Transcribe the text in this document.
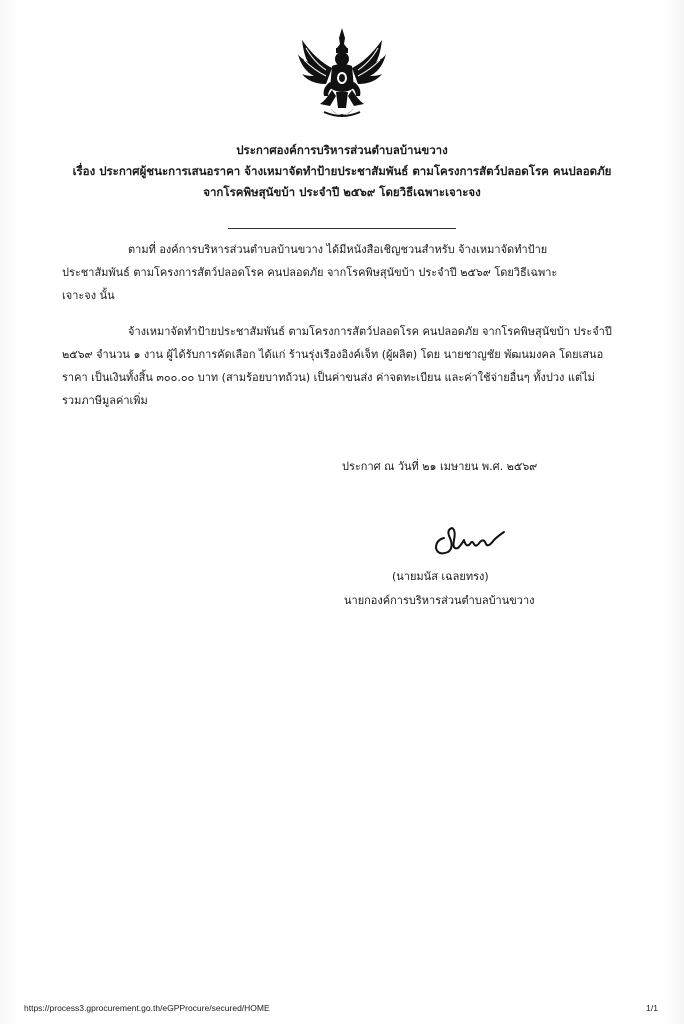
ประกาศองค์การบริหารส่วนตำบลบ้านขวาง
เรื่อง ประกาศผู้ชนะการเสนอราคา จ้างเหมาจัดทำป้ายประชาสัมพันธ์ ตามโครงการสัตว์ปลอดโรค คนปลอดภัย
จากโรคพิษสุนัขบ้า ประจำปี ๒๕๖๙ โดยวิธีเฉพาะเจาะจง
ตามที่ องค์การบริหารส่วนตำบลบ้านขวาง ได้มีหนังสือเชิญชวนสำหรับ จ้างเหมาจัดทำป้าย
ประชาสัมพันธ์ ตามโครงการสัตว์ปลอดโรค คนปลอดภัย จากโรคพิษสุนัขบ้า ประจำปี ๒๕๖๙ โดยวิธีเฉพาะ
เจาะจง นั้น
จ้างเหมาจัดทำป้ายประชาสัมพันธ์ ตามโครงการสัตว์ปลอดโรค คนปลอดภัย จากโรคพิษสุนัขบ้า ประจำปี
๒๕๖๙ จำนวน ๑ งาน ผู้ได้รับการคัดเลือก ได้แก่ ร้านรุ่งเรืองอิงค์เจ็ท (ผู้ผลิต) โดย นายชาญชัย พัฒนมงคล โดยเสนอ
ราคา เป็นเงินทั้งสิ้น ๓๐๐.๐๐ บาท (สามร้อยบาทถ้วน) เป็นค่าขนส่ง ค่าจดทะเบียน และค่าใช้จ่ายอื่นๆ ทั้งปวง แต่ไม่
รวมภาษีมูลค่าเพิ่ม
ประกาศ ณ วันที่ ๒๑ เมษายน พ.ศ. ๒๕๖๙
(นายมนัส เฉลยทรง)
นายกองค์การบริหารส่วนตำบลบ้านขวาง
https://process3.gprocurement.go.th/eGPProcure/secured/HOME	1/1
